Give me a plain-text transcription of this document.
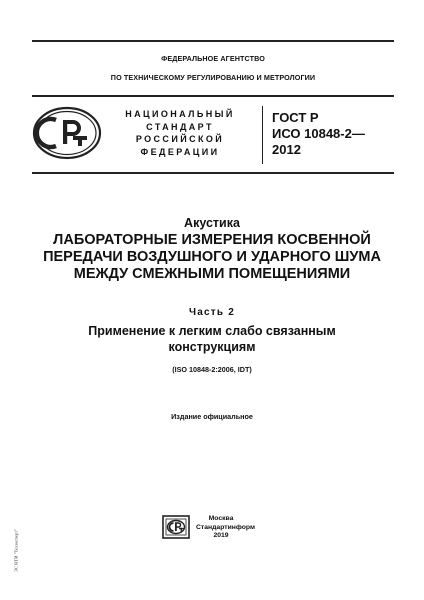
ФЕДЕРАЛЬНОЕ АГЕНТСТВО
ПО ТЕХНИЧЕСКОМУ РЕГУЛИРОВАНИЮ И МЕТРОЛОГИИ
НАЦИОНАЛЬНЫЙ
СТАНДАРТ
РОССИЙСКОЙ
ФЕДЕРАЦИИ
ГОСТ Р
ИСО 10848-2—
2012
Акустика
ЛАБОРАТОРНЫЕ ИЗМЕРЕНИЯ КОСВЕННОЙ
ПЕРЕДАЧИ ВОЗДУШНОГО И УДАРНОГО ШУМА
МЕЖДУ СМЕЖНЫМИ ПОМЕЩЕНИЯМИ
Часть 2
Применение к легким слабо связанным
конструкциям
(ISO 10848-2:2006, IDT)
Издание официальное
Москва
Стандартинформ
2019
ЭС НТИ "Техэксперт"
